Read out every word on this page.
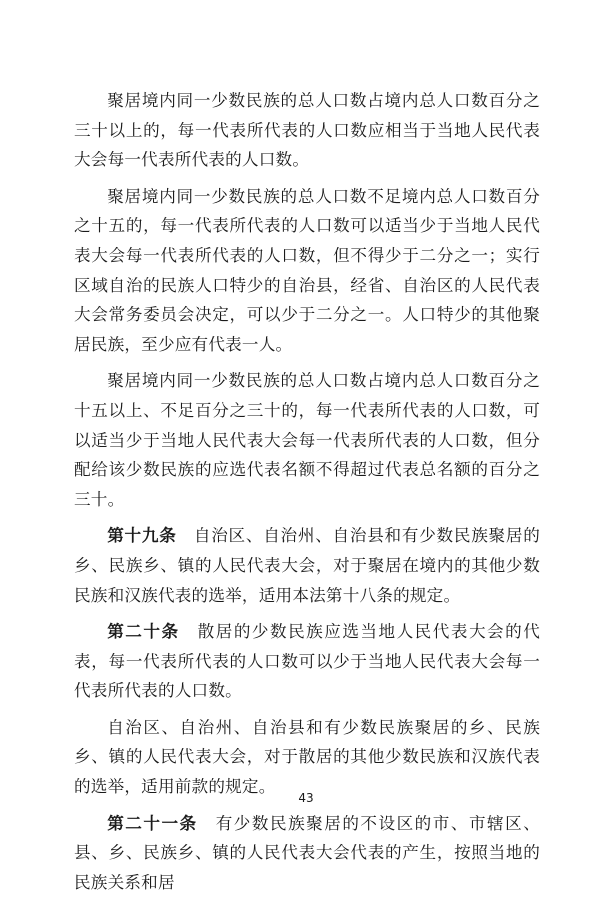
聚居境内同一少数民族的总人口数占境内总人口数百分之三十以上的，每一代表所代表的人口数应相当于当地人民代表大会每一代表所代表的人口数。

聚居境内同一少数民族的总人口数不足境内总人口数百分之十五的，每一代表所代表的人口数可以适当少于当地人民代表大会每一代表所代表的人口数，但不得少于二分之一；实行区域自治的民族人口特少的自治县，经省、自治区的人民代表大会常务委员会决定，可以少于二分之一。人口特少的其他聚居民族，至少应有代表一人。

聚居境内同一少数民族的总人口数占境内总人口数百分之十五以上、不足百分之三十的，每一代表所代表的人口数，可以适当少于当地人民代表大会每一代表所代表的人口数，但分配给该少数民族的应选代表名额不得超过代表总名额的百分之三十。

第十九条　 自治区、自治州、自治县和有少数民族聚居的乡、民族乡、镇的人民代表大会，对于聚居在境内的其他少数民族和汉族代表的选举，适用本法第十八条的规定。

第二十条　 散居的少数民族应选当地人民代表大会的代表，每一代表所代表的人口数可以少于当地人民代表大会每一代表所代表的人口数。

自治区、自治州、自治县和有少数民族聚居的乡、民族乡、镇的人民代表大会，对于散居的其他少数民族和汉族代表的选举，适用前款的规定。

第二十一条　 有少数民族聚居的不设区的市、市辖区、县、乡、民族乡、镇的人民代表大会代表的产生，按照当地的民族关系和居

43
